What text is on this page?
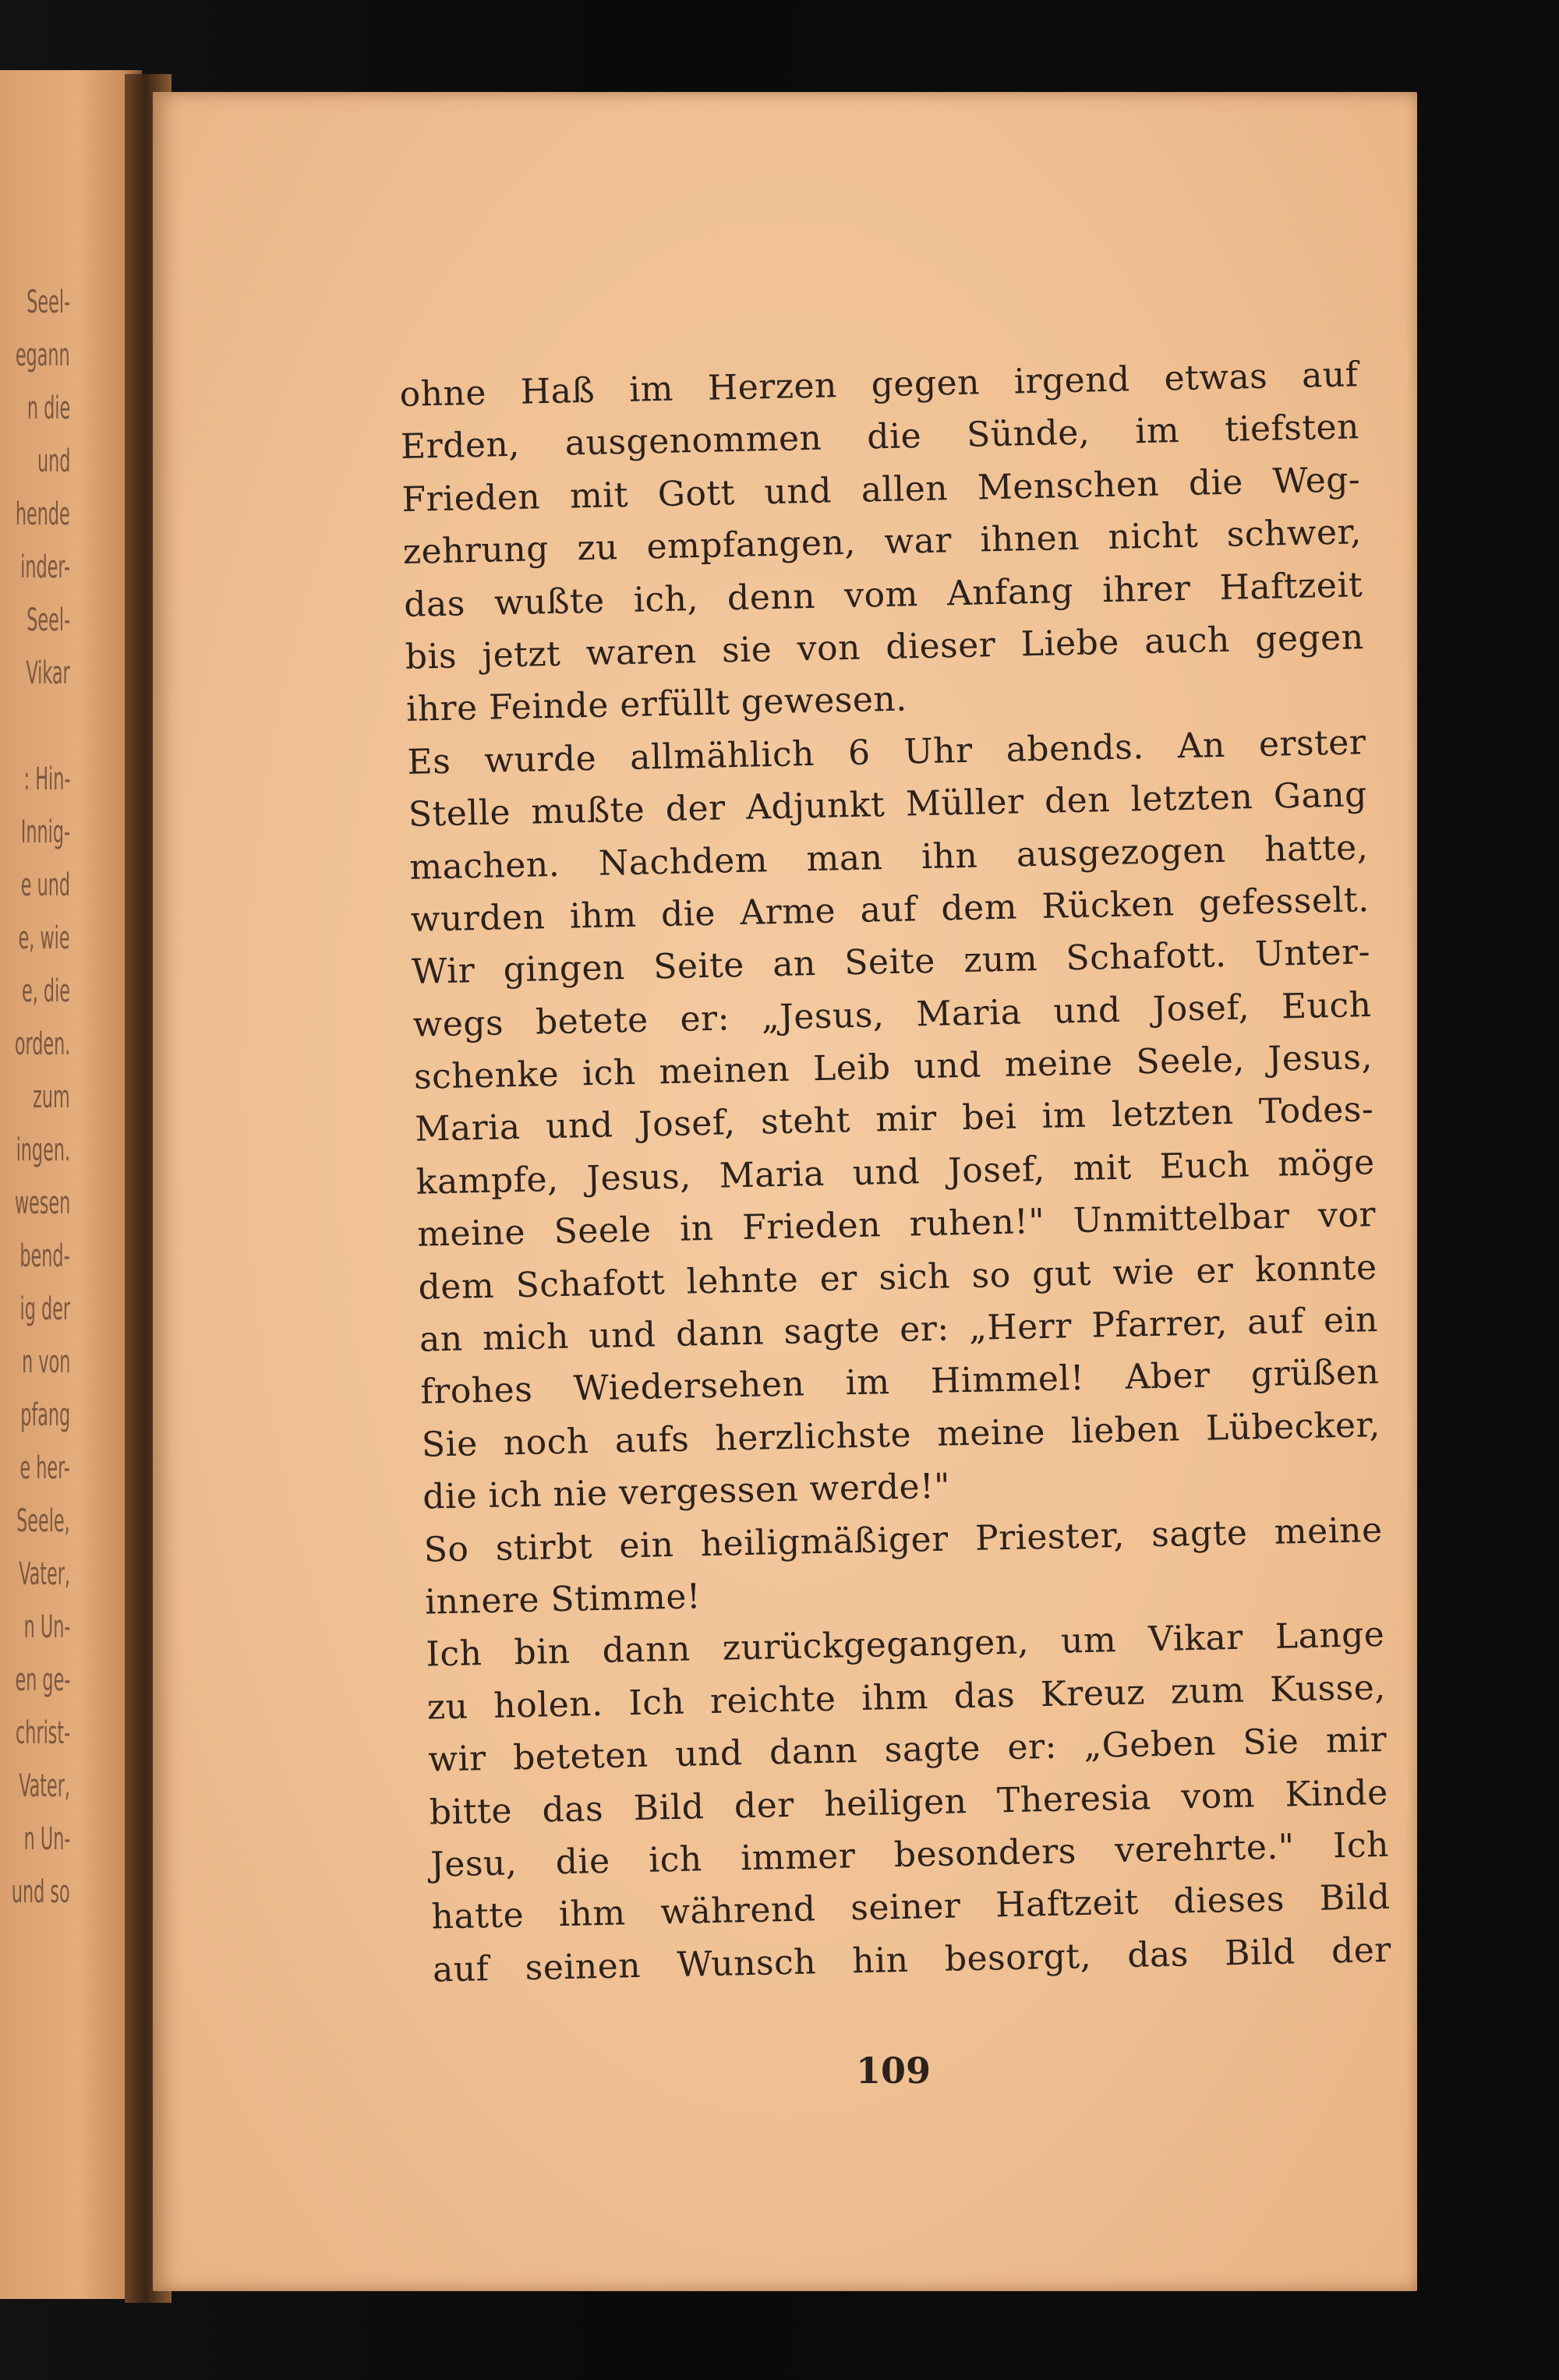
Seel-
egann
n die
und
hende
inder-
Seel-
Vikar
: Hin-
Innig-
e und
e, wie
e, die
orden.
zum
ingen.
wesen
bend-
ig der
n von
pfang
e her-
Seele,
Vater,
n Un-
en ge-
christ-
Vater,
n Un-
und so
ohne Haß im Herzen gegen irgend etwas auf
Erden, ausgenommen die Sünde, im tiefsten
Frieden mit Gott und allen Menschen die Weg-
zehrung zu empfangen, war ihnen nicht schwer,
das wußte ich, denn vom Anfang ihrer Haftzeit
bis jetzt waren sie von dieser Liebe auch gegen
ihre Feinde erfüllt gewesen.
Es wurde allmählich 6 Uhr abends. An erster
Stelle mußte der Adjunkt Müller den letzten Gang
machen. Nachdem man ihn ausgezogen hatte,
wurden ihm die Arme auf dem Rücken gefesselt.
Wir gingen Seite an Seite zum Schafott. Unter-
wegs betete er: „Jesus, Maria und Josef, Euch
schenke ich meinen Leib und meine Seele, Jesus,
Maria und Josef, steht mir bei im letzten Todes-
kampfe, Jesus, Maria und Josef, mit Euch möge
meine Seele in Frieden ruhen!" Unmittelbar vor
dem Schafott lehnte er sich so gut wie er konnte
an mich und dann sagte er: „Herr Pfarrer, auf ein
frohes Wiedersehen im Himmel! Aber grüßen
Sie noch aufs herzlichste meine lieben Lübecker,
die ich nie vergessen werde!"
So stirbt ein heiligmäßiger Priester, sagte meine
innere Stimme!
Ich bin dann zurückgegangen, um Vikar Lange
zu holen. Ich reichte ihm das Kreuz zum Kusse,
wir beteten und dann sagte er: „Geben Sie mir
bitte das Bild der heiligen Theresia vom Kinde
Jesu, die ich immer besonders verehrte." Ich
hatte ihm während seiner Haftzeit dieses Bild
auf seinen Wunsch hin besorgt, das Bild der
109
